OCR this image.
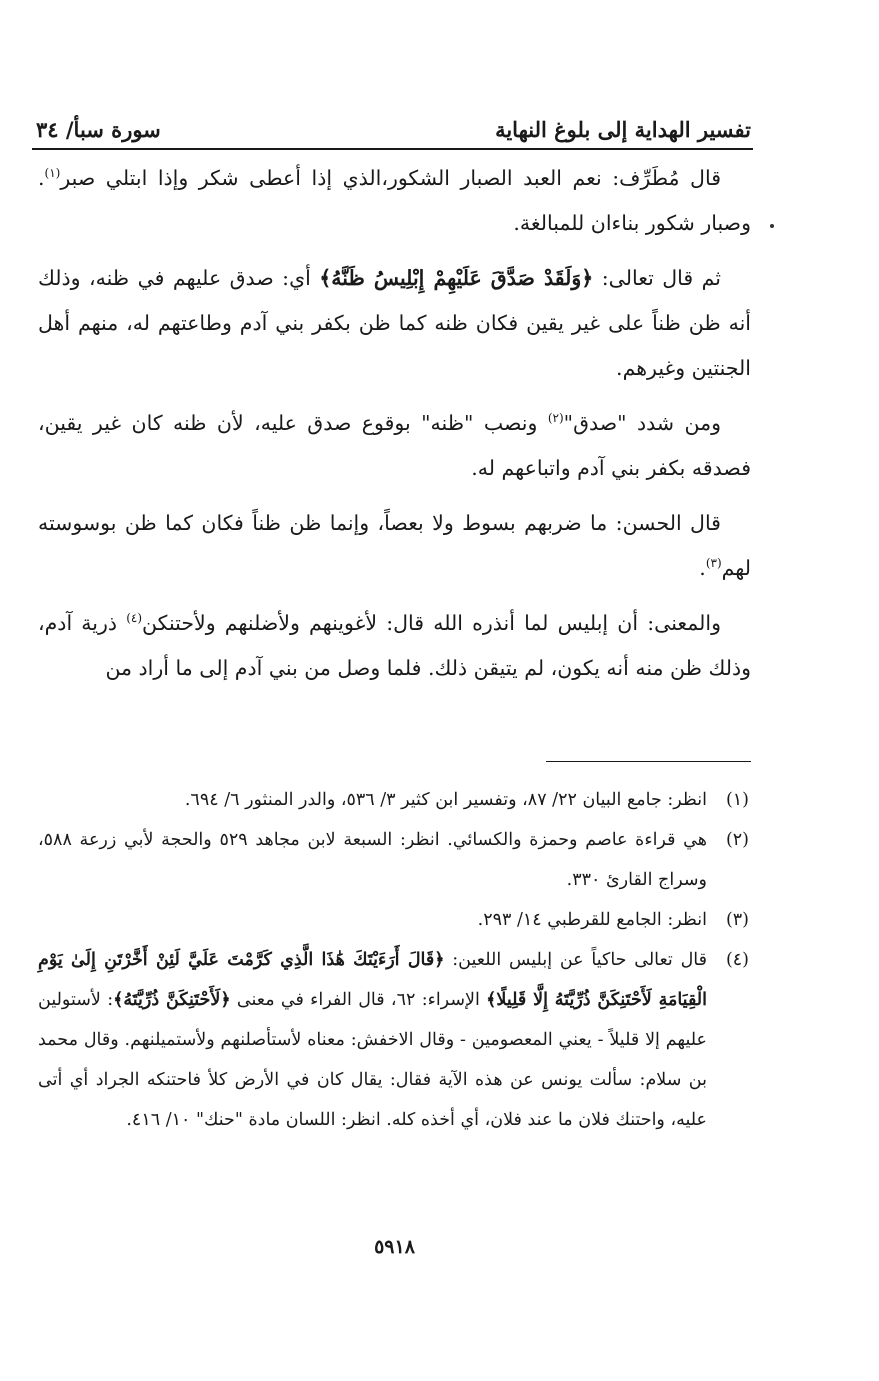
تفسير الهداية إلى بلوغ النهاية
سورة سبأ/ ٣٤

قال مُطَرِّف: نعم العبد الصبار الشكور،الذي إذا أعطى شكر وإذا ابتلي صبر$^{(١)}$. وصبار شكور بناءان للمبالغة.

ثم قال تعالى: ﴿وَلَقَدْ صَدَّقَ عَلَيْهِمْ إِبْلِيسُ ظَنَّهُ﴾ أي: صدق عليهم في ظنه، وذلك أنه ظن ظناً على غير يقين فكان ظنه كما ظن بكفر بني آدم وطاعتهم له، منهم أهل الجنتين وغيرهم.

ومن شدد "صدق"$^{(٢)}$ ونصب "ظنه" بوقوع صدق عليه، لأن ظنه كان غير يقين، فصدقه بكفر بني آدم واتباعهم له.

قال الحسن: ما ضربهم بسوط ولا بعصاً، وإنما ظن ظناً فكان كما ظن بوسوسته لهم$^{(٣)}$.

والمعنى: أن إبليس لما أنذره الله قال: لأغوينهم ولأضلنهم ولأحتنكن$^{(٤)}$ ذرية آدم، وذلك ظن منه أنه يكون، لم يتيقن ذلك. فلما وصل من بني آدم إلى ما أراد من

(١)
انظر: جامع البيان ٢٢/ ٨٧، وتفسير ابن كثير ٣/ ٥٣٦، والدر المنثور ٦/ ٦٩٤.
(٢)
هي قراءة عاصم وحمزة والكسائي. انظر: السبعة لابن مجاهد ٥٢٩ والحجة لأبي زرعة ٥٨٨، وسراج القارئ ٣٣٠.
(٣)
انظر: الجامع للقرطبي ١٤/ ٢٩٣.
(٤)
قال تعالى حاكياً عن إبليس اللعين: ﴿قَالَ أَرَءَيْتَكَ هَٰذَا الَّذِي كَرَّمْتَ عَلَيَّ لَئِنْ أَخَّرْتَنِ إِلَىٰ يَوْمِ الْقِيَامَةِ لَأَحْتَنِكَنَّ ذُرِّيَّتَهُ إِلَّا قَلِيلًا﴾ الإسراء: ٦٢، قال الفراء في معنى ﴿لَأَحْتَنِكَنَّ ذُرِّيَّتَهُ﴾: لأستولين عليهم إلا قليلاً - يعني المعصومين - وقال الاخفش: معناه لأستأصلنهم ولأستميلنهم. وقال محمد بن سلام: سألت يونس عن هذه الآية فقال: يقال كان في الأرض كلأ فاحتنكه الجراد أي أتى عليه، واحتنك فلان ما عند فلان، أي أخذه كله. انظر: اللسان مادة "حنك" ١٠/ ٤١٦.
٥٩١٨
